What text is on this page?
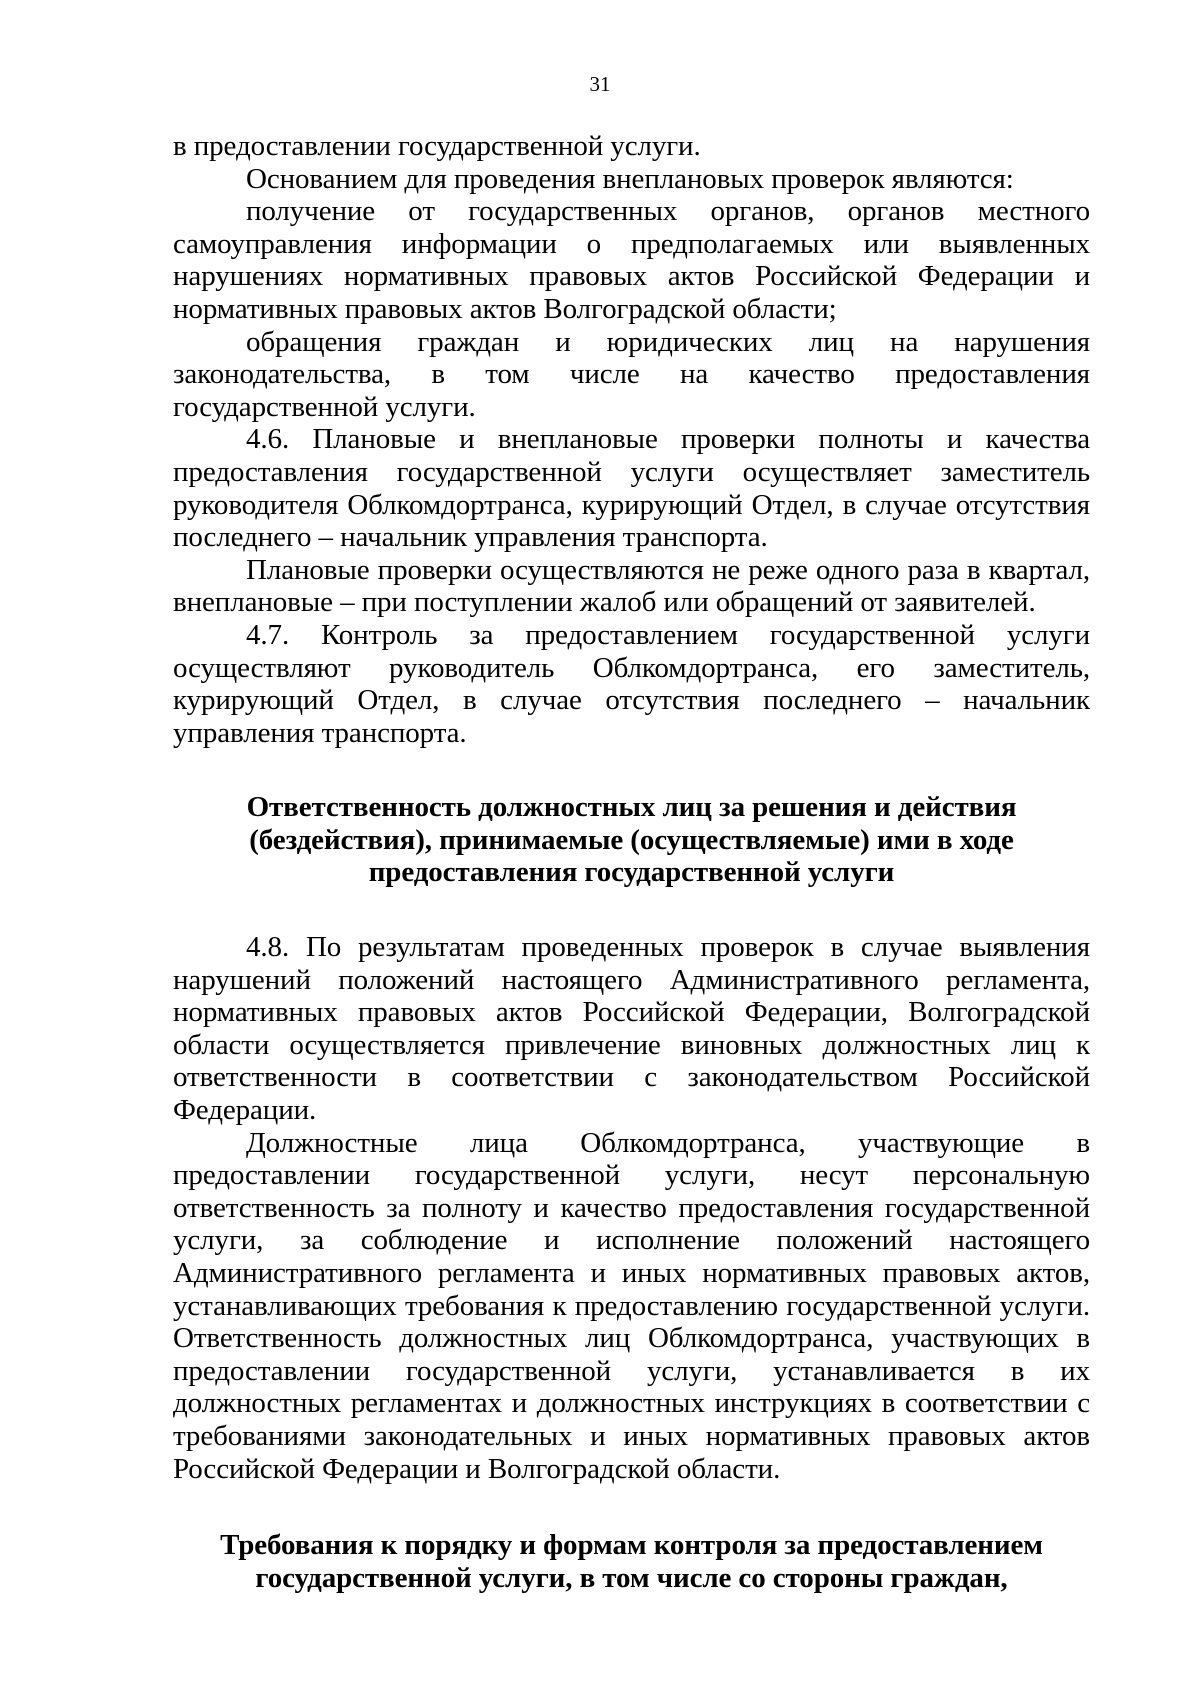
31

в предоставлении государственной услуги.

Основанием для проведения внеплановых проверок являются:

получение от государственных органов, органов местного самоуправления информации о предполагаемых или выявленных нарушениях нормативных правовых актов Российской Федерации и нормативных правовых актов Волгоградской области;

обращения граждан и юридических лиц на нарушения законодательства, в том числе на качество предоставления государственной услуги.

4.6. Плановые и внеплановые проверки полноты и качества предоставления государственной услуги осуществляет заместитель руководителя Облкомдортранса, курирующий Отдел, в случае отсутствия последнего – начальник управления транспорта.

Плановые проверки осуществляются не реже одного раза в квартал, внеплановые – при поступлении жалоб или обращений от заявителей.

4.7. Контроль за предоставлением государственной услуги осуществляют руководитель Облкомдортранса, его заместитель, курирующий Отдел, в случае отсутствия последнего – начальник управления транспорта.

Ответственность должностных лиц за решения и действия
(бездействия), принимаемые (осуществляемые) ими в ходе
предоставления государственной услуги

4.8. По результатам проведенных проверок в случае выявления нарушений положений настоящего Административного регламента, нормативных правовых актов Российской Федерации, Волгоградской области осуществляется привлечение виновных должностных лиц к ответственности в соответствии с законодательством Российской Федерации.

Должностные лица Облкомдортранса, участвующие в предоставлении государственной услуги, несут персональную ответственность за полноту и качество предоставления государственной услуги, за соблюдение и исполнение положений настоящего Административного регламента и иных нормативных правовых актов, устанавливающих требования к предоставлению государственной услуги. Ответственность должностных лиц Облкомдортранса, участвующих в предоставлении государственной услуги, устанавливается в их должностных регламентах и должностных инструкциях в соответствии с требованиями законодательных и иных нормативных правовых актов Российской Федерации и Волгоградской области.

Требования к порядку и формам контроля за предоставлением
государственной услуги, в том числе со стороны граждан,
